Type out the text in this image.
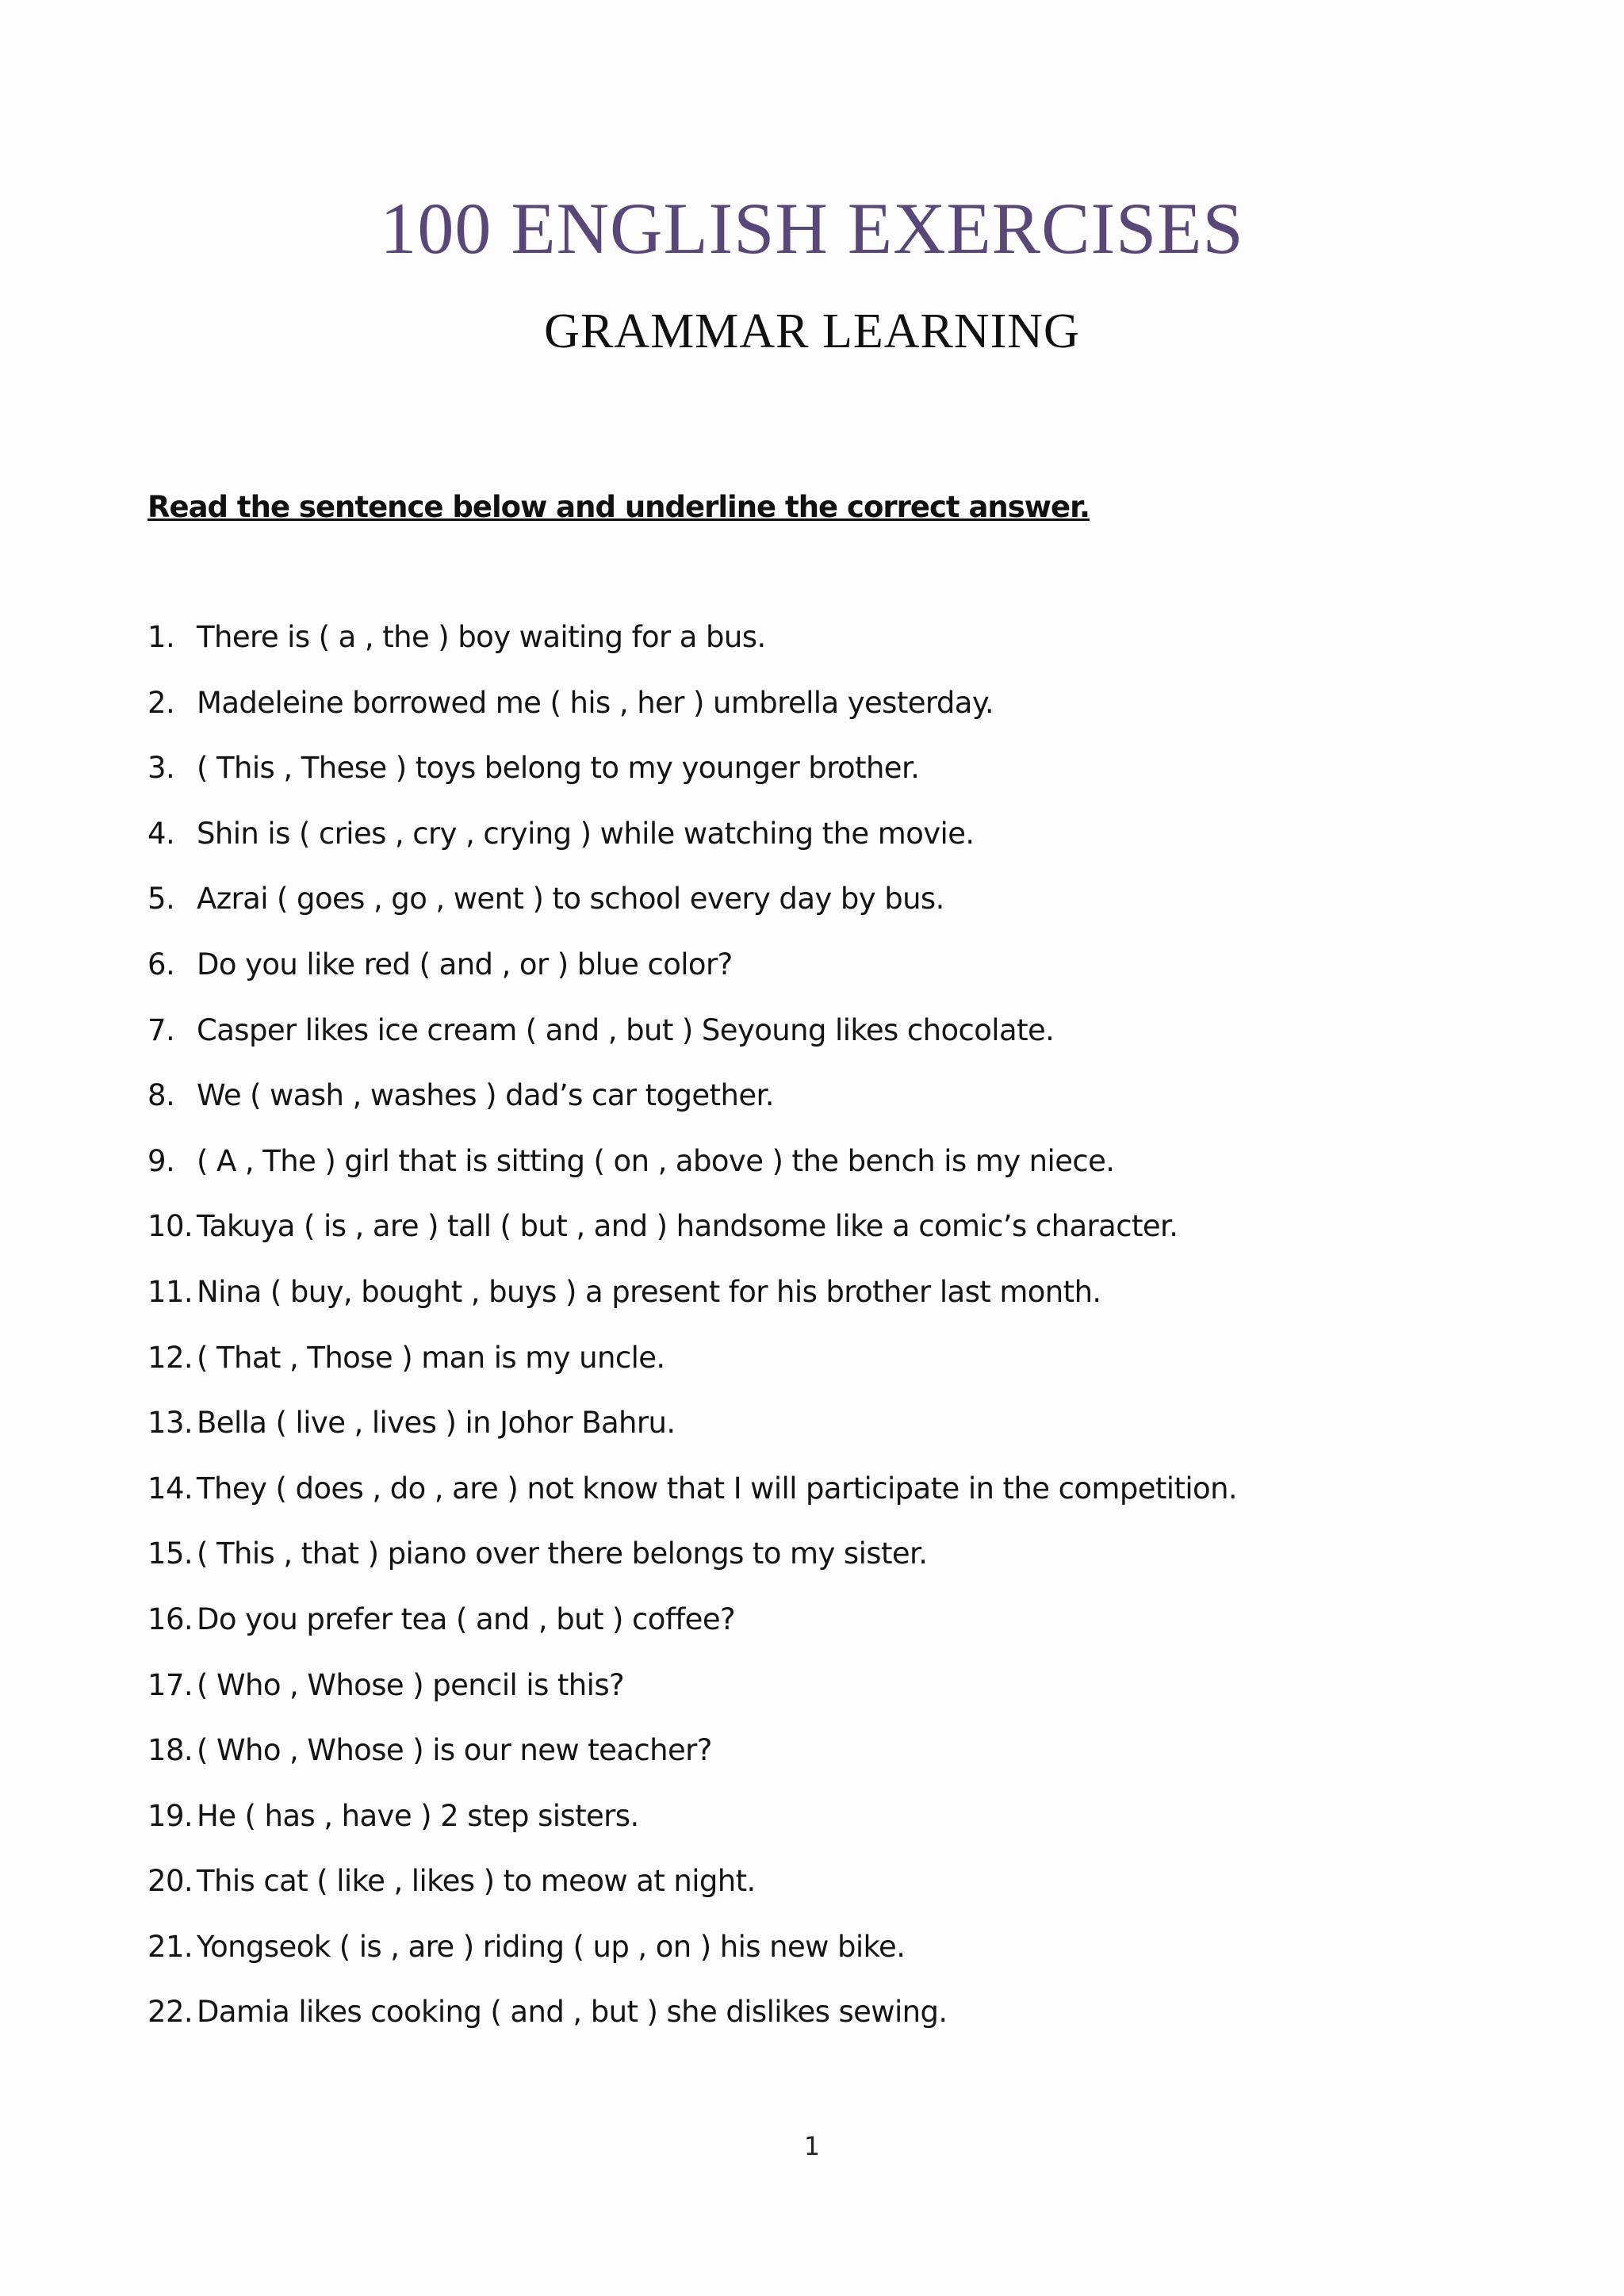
100 ENGLISH EXERCISES
GRAMMAR LEARNING
Read the sentence below and underline the correct answer.
1. There is ( a , the ) boy waiting for a bus.
2. Madeleine borrowed me ( his , her ) umbrella yesterday.
3. ( This , These ) toys belong to my younger brother.
4. Shin is ( cries , cry , crying ) while watching the movie.
5. Azrai ( goes , go , went ) to school every day by bus.
6. Do you like red ( and , or ) blue color?
7. Casper likes ice cream ( and , but ) Seyoung likes chocolate.
8. We ( wash , washes ) dad’s car together.
9. ( A , The ) girl that is sitting ( on , above ) the bench is my niece.
10. Takuya ( is , are ) tall ( but , and ) handsome like a comic’s character.
11. Nina ( buy, bought , buys ) a present for his brother last month.
12. ( That , Those ) man is my uncle.
13. Bella ( live , lives ) in Johor Bahru.
14. They ( does , do , are ) not know that I will participate in the competition.
15. ( This , that ) piano over there belongs to my sister.
16. Do you prefer tea ( and , but ) coffee?
17. ( Who , Whose ) pencil is this?
18. ( Who , Whose ) is our new teacher?
19. He ( has , have ) 2 step sisters.
20. This cat ( like , likes ) to meow at night.
21. Yongseok ( is , are ) riding ( up , on ) his new bike.
22. Damia likes cooking ( and , but ) she dislikes sewing.
1
